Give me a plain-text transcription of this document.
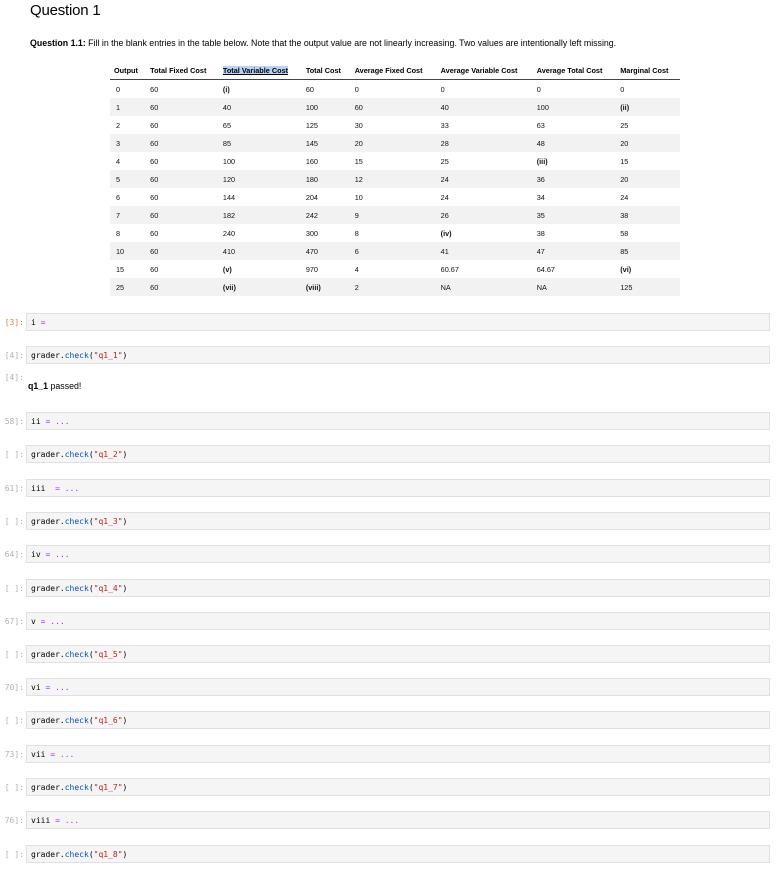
Question 1
Question 1.1: Fill in the blank entries in the table below. Note that the output value are not linearly increasing. Two values are intentionally left missing.
Output	Total Fixed Cost	Total Variable Cost	Total Cost	Average Fixed Cost	Average Variable Cost	Average Total Cost	Marginal Cost
0	60	(i)	60	0	0	0	0
1	60	40	100	60	40	100	(ii)
2	60	65	125	30	33	63	25
3	60	85	145	20	28	48	20
4	60	100	160	15	25	(iii)	15
5	60	120	180	12	24	36	20
6	60	144	204	10	24	34	24
7	60	182	242	9	26	35	38
8	60	240	300	8	(iv)	38	58
10	60	410	470	6	41	47	85
15	60	(v)	970	4	60.67	64.67	(vi)
25	60	(vii)	(viii)	2	NA	NA	125
[3]: i =
[4]: grader.check("q1_1")
58]: ii = ...
[ ]: grader.check("q1_2")
61]: iii  = ...
[ ]: grader.check("q1_3")
64]: iv = ...
[ ]: grader.check("q1_4")
67]: v = ...
[ ]: grader.check("q1_5")
70]: vi = ...
[ ]: grader.check("q1_6")
73]: vii = ...
[ ]: grader.check("q1_7")
76]: viii = ...
[ ]: grader.check("q1_8")
[4]:
q1_1 passed!
